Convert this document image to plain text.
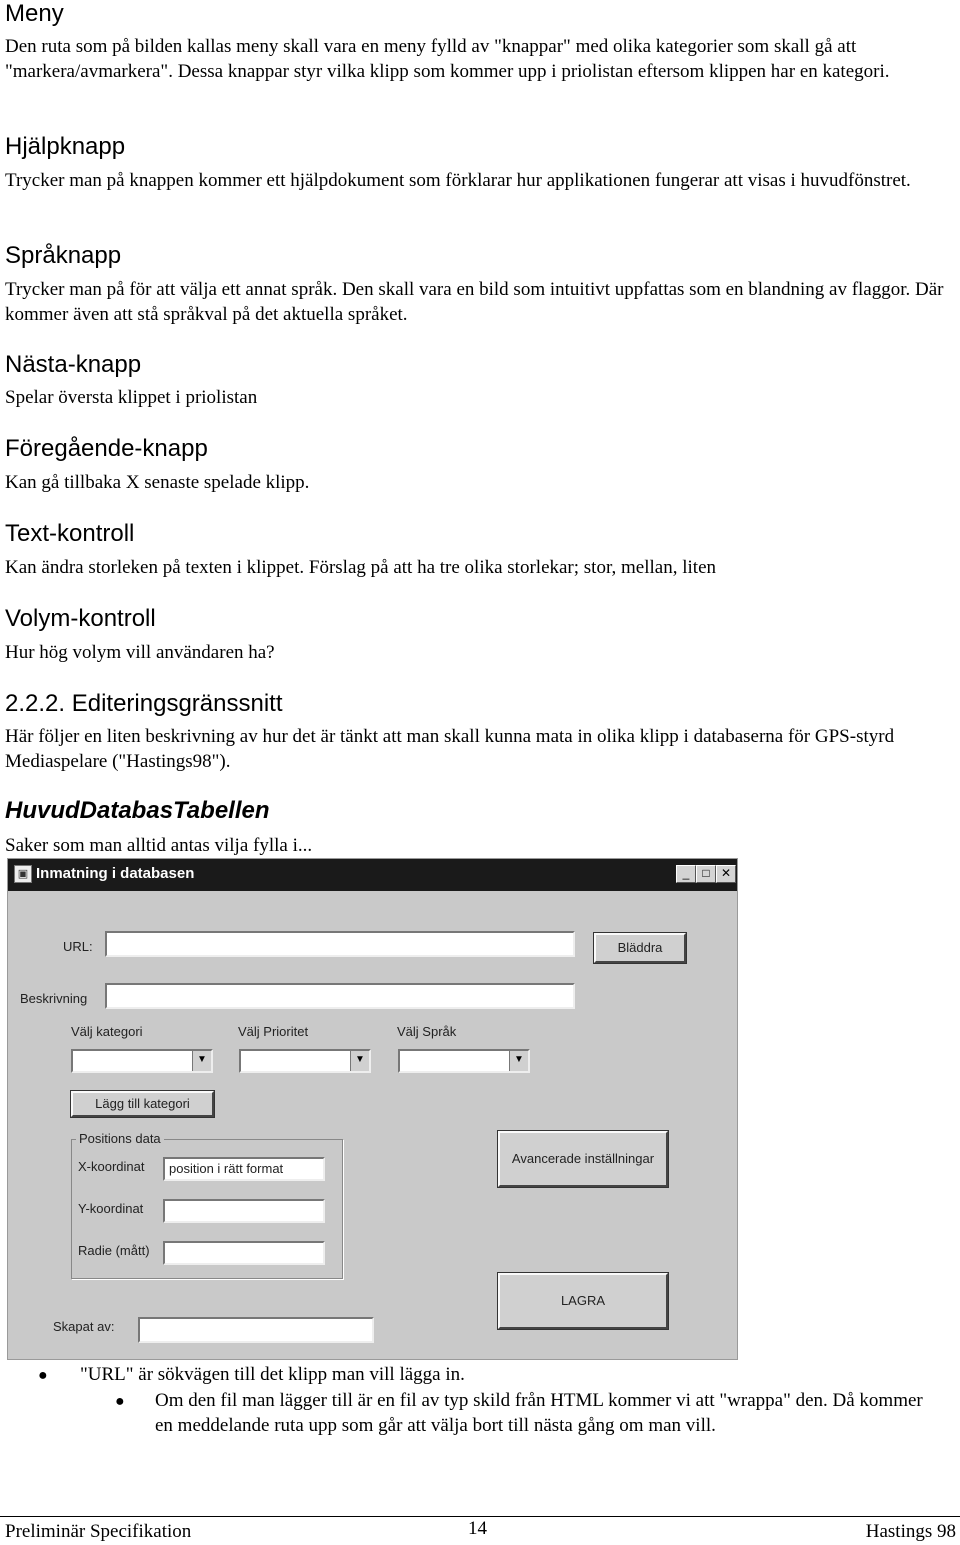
Meny

Den ruta som på bilden kallas meny skall vara en meny fylld av "knappar" med olika kategorier som skall gå att "markera/avmarkera". Dessa knappar styr vilka klipp som kommer upp i priolistan eftersom klippen har en kategori.

Hjälpknapp

Trycker man på knappen kommer ett hjälpdokument som förklarar hur applikationen fungerar att visas i huvudfönstret.

Språknapp

Trycker man på för att välja ett annat språk. Den skall vara en bild som intuitivt uppfattas som en blandning av flaggor. Där kommer även att stå språkval på det aktuella språket.

Nästa-knapp

Spelar översta klippet i priolistan

Föregående-knapp

Kan gå tillbaka X senaste spelade klipp.

Text-kontroll

Kan ändra storleken på texten i klippet. Förslag på att ha tre olika storlekar; stor, mellan, liten

Volym-kontroll

Hur hög volym vill användaren ha?

2.2.2. Editeringsgränssnitt

Här följer en liten beskrivning av hur det är tänkt att man skall kunna mata in olika klipp i databaserna för GPS-styrd Mediaspelare ("Hastings98").

HuvudDatabasTabellen

Saker som man alltid antas vilja fylla i...

▣ Inmatning i databasen	_	□ ✕
URL:	Bläddra
Beskrivning
Välj kategori
▼
Välj Prioritet
▼
Välj Språk
▼
Lägg till kategori
Positions data
X-koordinat	position i rätt format
Y-koordinat
Radie (mått)
Avancerade inställningar
LAGRA
Skapat av:
● "URL" är sökvägen till det klipp man vill lägga in.
● Om den fil man lägger till är en fil av typ skild från HTML kommer vi att "wrappa" den. Då kommer en meddelande ruta upp som går att välja bort till nästa gång om man vill.
Preliminär Specifikation	14	Hastings 98
